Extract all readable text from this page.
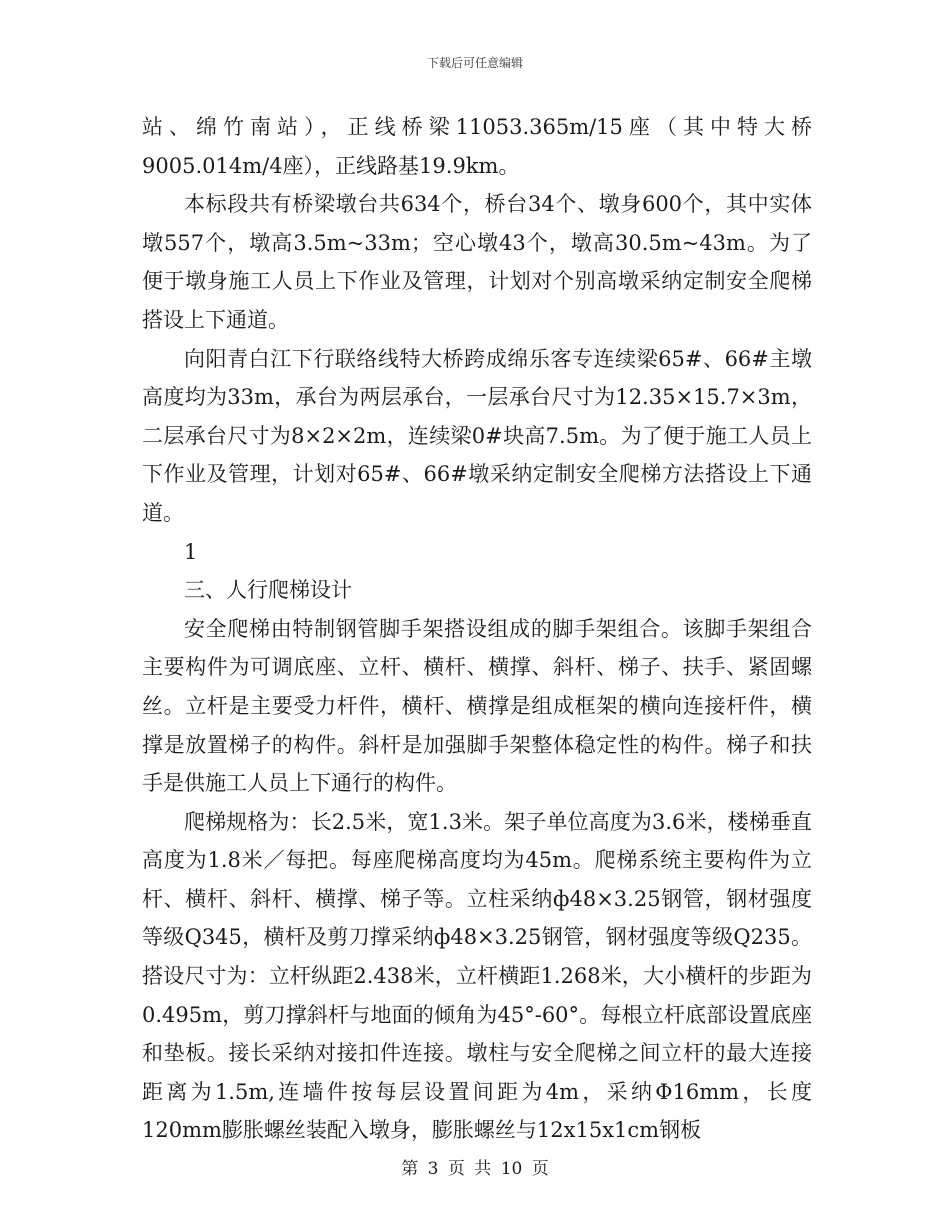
下载后可任意编辑

站、绵竹南站），正线桥梁11053.365m/15座（其中特大桥9005.014m/4座），正线路基19.9km。

本标段共有桥梁墩台共634个，桥台34个、墩身600个，其中实体墩557个，墩高3.5m~33m；空心墩43个，墩高30.5m~43m。为了便于墩身施工人员上下作业及管理，计划对个别高墩采纳定制安全爬梯搭设上下通道。

向阳青白江下行联络线特大桥跨成绵乐客专连续梁65#、66#主墩高度均为33m，承台为两层承台，一层承台尺寸为12.35×15.7×3m，二层承台尺寸为8×2×2m，连续梁0#块高7.5m。为了便于施工人员上下作业及管理，计划对65#、66#墩采纳定制安全爬梯方法搭设上下通道。

1

三、人行爬梯设计

安全爬梯由特制钢管脚手架搭设组成的脚手架组合。该脚手架组合主要构件为可调底座、立杆、横杆、横撑、斜杆、梯子、扶手、紧固螺丝。立杆是主要受力杆件，横杆、横撑是组成框架的横向连接杆件，横撑是放置梯子的构件。斜杆是加强脚手架整体稳定性的构件。梯子和扶手是供施工人员上下通行的构件。

爬梯规格为：长2.5米，宽1.3米。架子单位高度为3.6米，楼梯垂直高度为1.8米／每把。每座爬梯高度均为45m。爬梯系统主要构件为立杆、横杆、斜杆、横撑、梯子等。立柱采纳ф48×3.25钢管，钢材强度等级Q345，横杆及剪刀撑采纳ф48×3.25钢管，钢材强度等级Q235。搭设尺寸为：立杆纵距2.438米，立杆横距1.268米，大小横杆的步距为0.495m，剪刀撑斜杆与地面的倾角为45°-60°。每根立杆底部设置底座和垫板。接长采纳对接扣件连接。墩柱与安全爬梯之间立杆的最大连接距离为1.5m,连墙件按每层设置间距为4m，采纳Φ16mm，长度120mm膨胀螺丝装配入墩身，膨胀螺丝与12x15x1cm钢板

第 3 页 共 10 页
